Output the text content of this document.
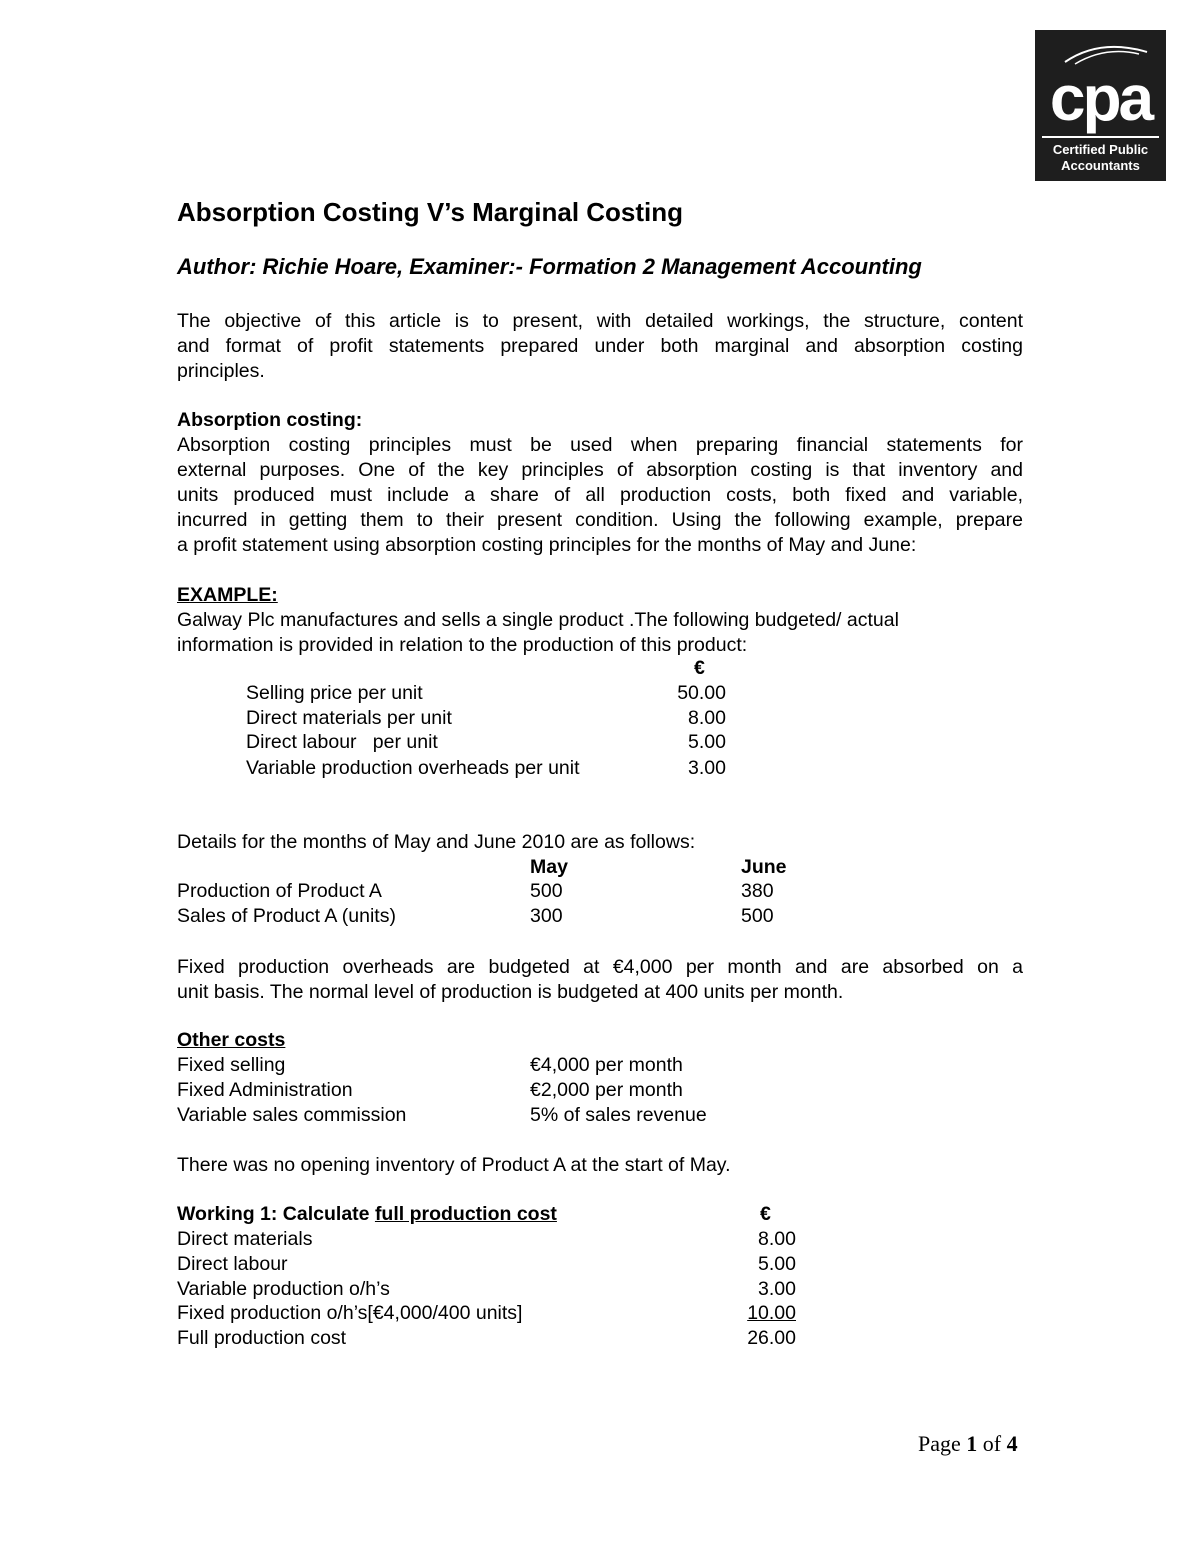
cpa
Certified Public
Accountants
Absorption Costing V’s Marginal Costing
Author: Richie Hoare, Examiner:- Formation 2 Management Accounting
The objective of this article is to present, with detailed workings, the structure, content
and format of profit statements prepared under both marginal and absorption costing
principles.
Absorption costing:
Absorption costing principles must be used when preparing financial statements for
external purposes. One of the key principles of absorption costing is that inventory and
units produced must include a share of all production costs, both fixed and variable,
incurred in getting them to their present condition. Using the following example, prepare
a profit statement using absorption costing principles for the months of May and June:
EXAMPLE:
Galway Plc manufactures and sells a single product .The following budgeted/ actual
information is provided in relation to the production of this product:
€
Selling price per unit	50.00
Direct materials per unit	8.00
Direct labour   per unit	5.00
Variable production overheads per unit	3.00
Details for the months of May and June 2010 are as follows:
May	June
Production of Product A	500	380
Sales of Product A (units)	300	500
Fixed production overheads are budgeted at €4,000 per month and are absorbed on a
unit basis. The normal level of production is budgeted at 400 units per month.
Other costs
Fixed selling	€4,000 per month
Fixed Administration	€2,000 per month
Variable sales commission	5% of sales revenue
There was no opening inventory of Product A at the start of May.
Working 1: Calculate full production cost	€
Direct materials	8.00
Direct labour	5.00
Variable production o/h’s	3.00
Fixed production o/h’s[€4,000/400 units]	10.00
Full production cost	26.00
Page 1 of 4
